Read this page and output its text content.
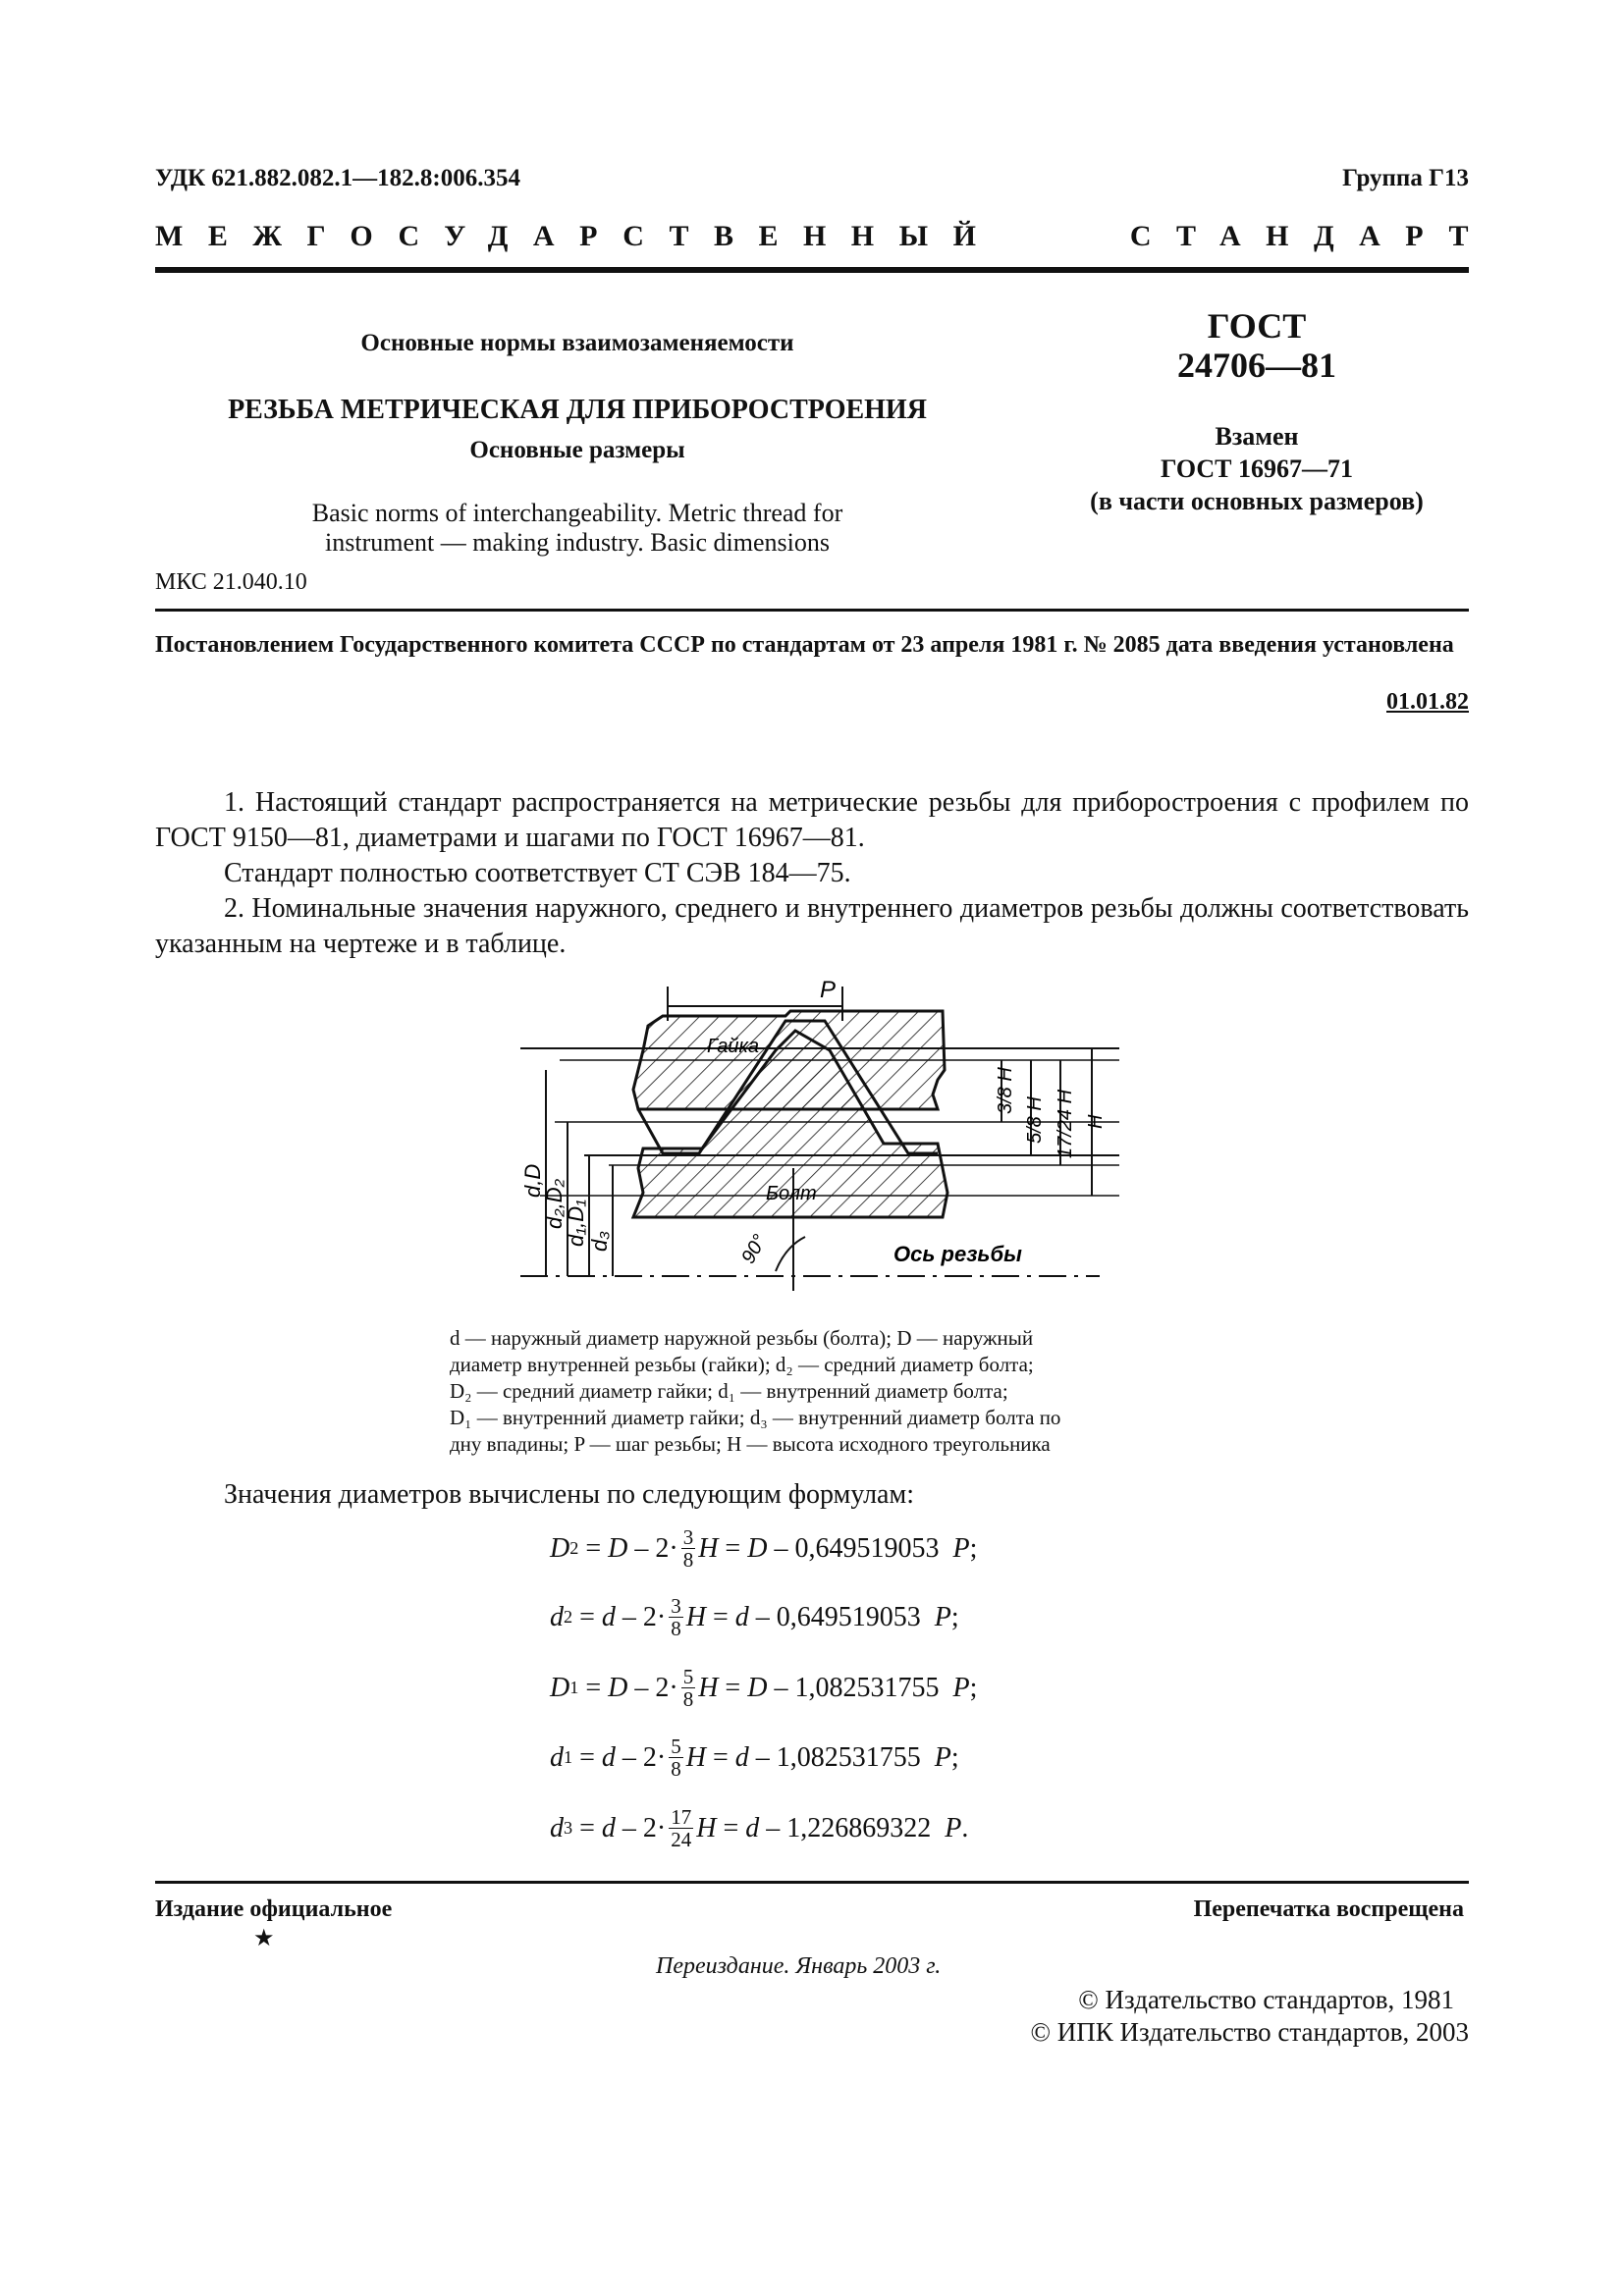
УДК 621.882.082.1—182.8:006.354	Группа Г13
МЕЖГОСУДАРСТВЕННЫЙ	СТАНДАРТ
Основные нормы взаимозаменяемости
РЕЗЬБА МЕТРИЧЕСКАЯ ДЛЯ ПРИБОРОСТРОЕНИЯ
Основные размеры
Basic norms of interchangeability. Metric thread for
instrument — making industry. Basic dimensions
МКС 21.040.10
ГОСТ
24706—81
Взамен
ГОСТ 16967—71
(в части основных размеров)
Постановлением Государственного комитета СССР по стандартам от 23 апреля 1981 г. № 2085 дата введения установлена
01.01.82
1. Настоящий стандарт распространяется на метрические резьбы для приборостроения с профилем по ГОСТ 9150—81, диаметрами и шагами по ГОСТ 16967—81.
Стандарт полностью соответствует СТ СЭВ 184—75.
2. Номинальные значения наружного, среднего и внутреннего диаметров резьбы должны соответствовать указанным на чертеже и в таблице.
P
Гайка
Болт
Ось резьбы
90°
3/8 H
5/8 H 17/24 H H
d,D
d₂,D₂
d₁,D₁ d₃
d — наружный диаметр наружной резьбы (болта); D — наружный
диаметр внутренней резьбы (гайки); d₂ — средний диаметр болта;
D₂ — средний диаметр гайки; d₁ — внутренний диаметр болта;
D₁ — внутренний диаметр гайки; d₃ — внутренний диаметр болта по
дну впадины; P — шаг резьбы; H — высота исходного треугольника
Значения диаметров вычислены по следующим формулам:
D $2 = D - 2\cdot \frac{3}{8}$ H = D – 0,649519053 P ;
d $2 = d - 2\cdot \frac{3}{8}$ H = d – 0,649519053 P ;
D $1 = D - 2\cdot \frac{5}{8}$ H = D – 1,082531755 P ;
d $1 = d - 2\cdot \frac{5}{8}$ H = d – 1,082531755 P ;
d $3 = d - 2\cdot \frac{17}{24}$ H = d – 1,226869322 P .
Издание официальное
★
Перепечатка воспрещена
Переиздание. Январь 2003 г.
© Издательство стандартов, 1981
© ИПК Издательство стандартов, 2003
